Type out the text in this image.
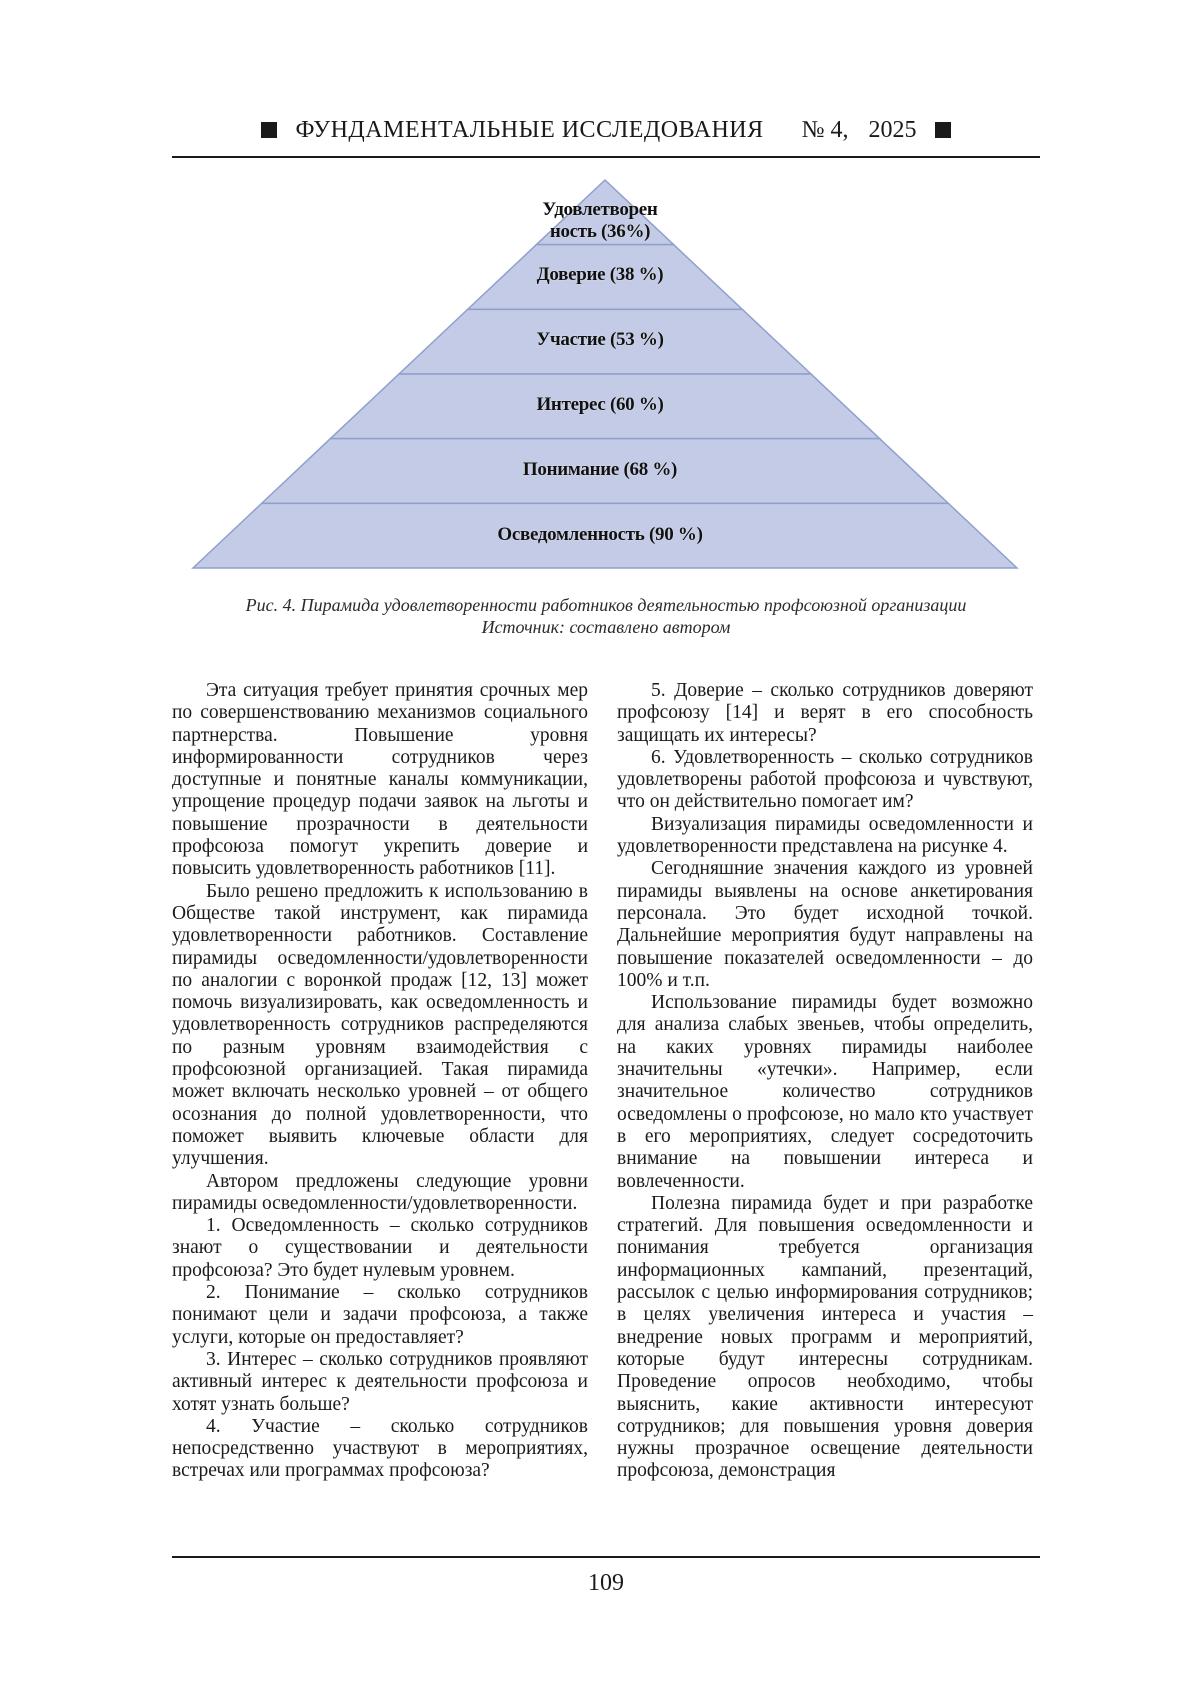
ФУНДАМЕНТАЛЬНЫЕ ИССЛЕДОВАНИЯ № 4, 2025
Удовлетворен
ность (36%)
Доверие (38 %)
Участие (53 %)
Интерес (60 %)
Понимание (68 %)
Осведомленность (90 %)
Рис. 4. Пирамида удовлетворенности работников деятельностью профсоюзной организации
Источник: составлено автором

Эта ситуация требует принятия срочных мер по совершенствованию механизмов социального партнерства. Повышение уровня информированности сотрудников через доступные и понятные каналы коммуникации, упрощение процедур подачи заявок на льготы и повышение прозрачности в деятельности профсоюза помогут укрепить доверие и повысить удовлетворенность работников [11].

Было решено предложить к использованию в Обществе такой инструмент, как пирамида удовлетворенности работников. Составление пирамиды осведомленности/удовлетворенности по аналогии с воронкой продаж [12, 13] может помочь визуализировать, как осведомленность и удовлетворенность сотрудников распределяются по разным уровням взаимодействия с профсоюзной организацией. Такая пирамида может включать несколько уровней – от общего осознания до полной удовлетворенности, что поможет выявить ключевые области для улучшения.

Автором предложены следующие уровни пирамиды осведомленности/удовлетворенности.

1. Осведомленность – сколько сотрудников знают о существовании и деятельности профсоюза? Это будет нулевым уровнем.

2. Понимание – сколько сотрудников понимают цели и задачи профсоюза, а также услуги, которые он предоставляет?

3. Интерес – сколько сотрудников проявляют активный интерес к деятельности профсоюза и хотят узнать больше?

4. Участие – сколько сотрудников непосредственно участвуют в мероприятиях, встречах или программах профсоюза?

5. Доверие – сколько сотрудников доверяют профсоюзу [14] и верят в его способность защищать их интересы?

6. Удовлетворенность – сколько сотрудников удовлетворены работой профсоюза и чувствуют, что он действительно помогает им?

Визуализация пирамиды осведомленности и удовлетворенности представлена на рисунке 4.

Сегодняшние значения каждого из уровней пирамиды выявлены на основе анкетирования персонала. Это будет исходной точкой. Дальнейшие мероприятия будут направлены на повышение показателей осведомленности – до 100% и т.п.

Использование пирамиды будет возможно для анализа слабых звеньев, чтобы определить, на каких уровнях пирамиды наиболее значительны «утечки». Например, если значительное количество сотрудников осведомлены о профсоюзе, но мало кто участвует в его мероприятиях, следует сосредоточить внимание на повышении интереса и вовлеченности.

Полезна пирамида будет и при разработке стратегий. Для повышения осведомленности и понимания требуется организация информационных кампаний, презентаций, рассылок с целью информирования сотрудников; в целях увеличения интереса и участия – внедрение новых программ и мероприятий, которые будут интересны сотрудникам. Проведение опросов необходимо, чтобы выяснить, какие активности интересуют сотрудников; для повышения уровня доверия нужны прозрачное освещение деятельности профсоюза, демонстрация

109
